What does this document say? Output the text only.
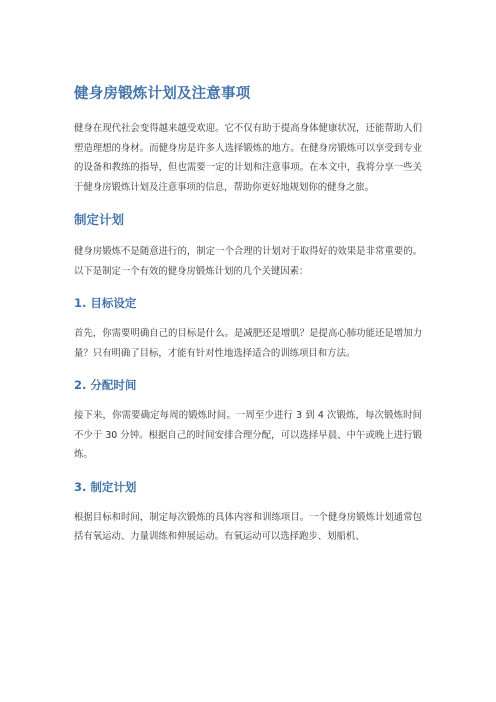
健身房锻炼计划及注意事项

健身在现代社会变得越来越受欢迎。它不仅有助于提高身体健康状况，还能帮助人们塑造理想的身材。而健身房是许多人选择锻炼的地方。在健身房锻炼可以享受到专业的设备和教练的指导，但也需要一定的计划和注意事项。在本文中，我将分享一些关于健身房锻炼计划及注意事项的信息，帮助你更好地规划你的健身之旅。

制定计划

健身房锻炼不是随意进行的，制定一个合理的计划对于取得好的效果是非常重要的。以下是制定一个有效的健身房锻炼计划的几个关键因素：

1. 目标设定

首先，你需要明确自己的目标是什么。是减肥还是增肌？是提高心肺功能还是增加力量？只有明确了目标，才能有针对性地选择适合的训练项目和方法。

2. 分配时间

接下来，你需要确定每周的锻炼时间。一周至少进行 3 到 4 次锻炼，每次锻炼时间不少于 30 分钟。根据自己的时间安排合理分配，可以选择早晨、中午或晚上进行锻炼。

3. 制定计划

根据目标和时间，制定每次锻炼的具体内容和训练项目。一个健身房锻炼计划通常包括有氧运动、力量训练和伸展运动。有氧运动可以选择跑步、划船机、
